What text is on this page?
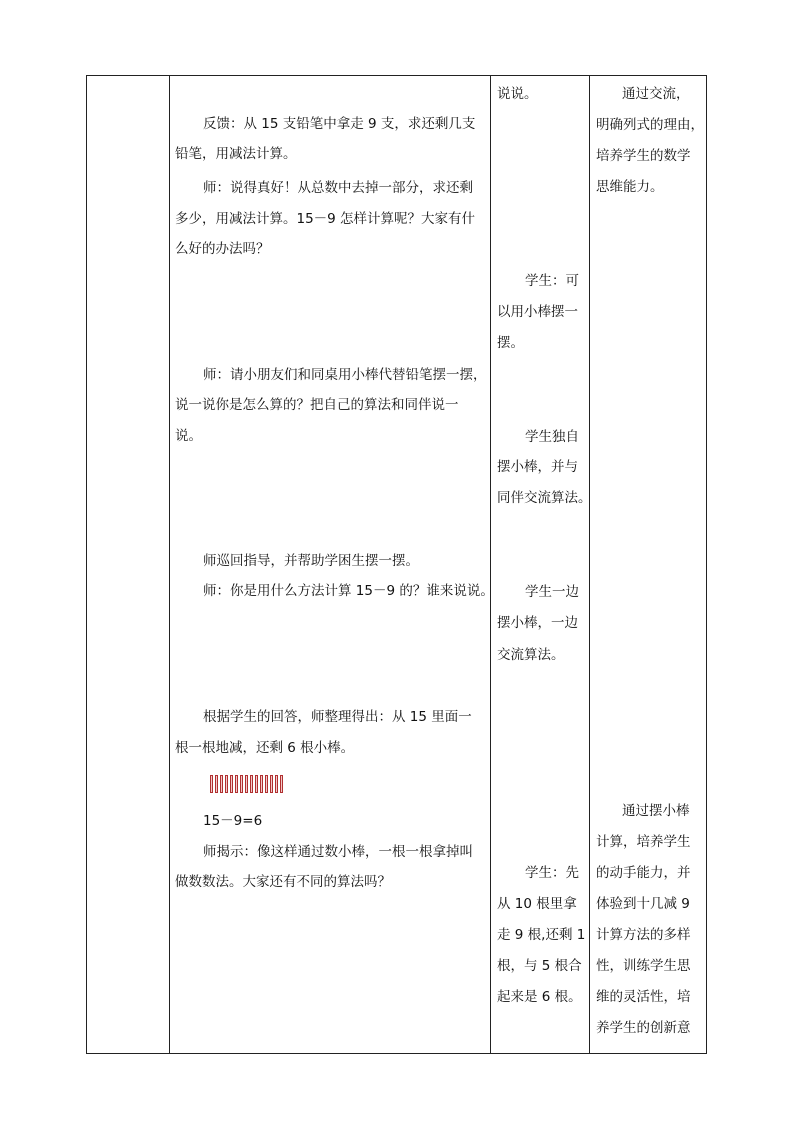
反馈：从 15 支铅笔中拿走 9 支，求还剩几支
铅笔，用减法计算。
师：说得真好！从总数中去掉一部分，求还剩
多少，用减法计算。15－9 怎样计算呢？大家有什
么好的办法吗？
师：请小朋友们和同桌用小棒代替铅笔摆一摆，
说一说你是怎么算的？把自己的算法和同伴说一
说。
师巡回指导，并帮助学困生摆一摆。
师：你是用什么方法计算 15－9 的？谁来说说。
根据学生的回答，师整理得出：从 15 里面一
根一根地减，还剩 6 根小棒。
15－9=6
师揭示：像这样通过数小棒，一根一根拿掉叫
做数数法。大家还有不同的算法吗？
说说。
学生：可
以用小棒摆一
摆。
学生独自
摆小棒，并与
同伴交流算法。
学生一边
摆小棒，一边
交流算法。
学生：先
从 10 根里拿
走 9 根,还剩 1
根，与 5 根合
起来是 6 根。
通过交流，
明确列式的理由，
培养学生的数学
思维能力。
通过摆小棒
计算，培养学生
的动手能力，并
体验到十几减 9
计算方法的多样
性，训练学生思
维的灵活性，培
养学生的创新意
